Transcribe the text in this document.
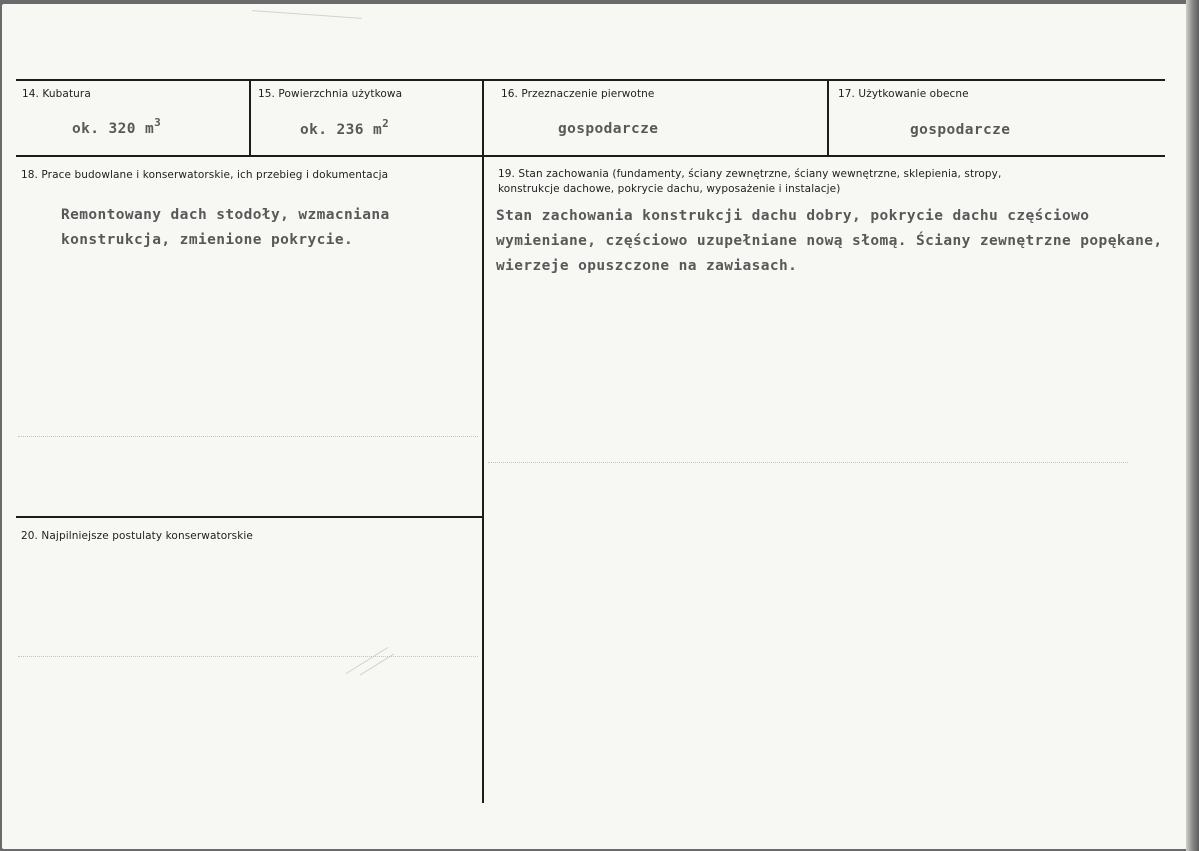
14. Kubatura
ok. 320 $m^3$
15. Powierzchnia użytkowa
ok. 236 $m^2$
16. Przeznaczenie pierwotne
gospodarcze
17. Użytkowanie obecne
gospodarcze
18. Prace budowlane i konserwatorskie, ich przebieg i dokumentacja
Remontowany dach stodoły, wzmacniana konstrukcja, zmienione pokrycie.
19. Stan zachowania (fundamenty, ściany zewnętrzne, ściany wewnętrzne, sklepienia, stropy, konstrukcje dachowe, pokrycie dachu, wyposażenie i instalacje)
Stan zachowania konstrukcji dachu dobry, pokrycie dachu częściowo wymieniane, częściowo uzupełniane nową słomą. Ściany zewnętrzne popękane, wierzeje opuszczone na zawiasach.
20. Najpilniejsze postulaty konserwatorskie
